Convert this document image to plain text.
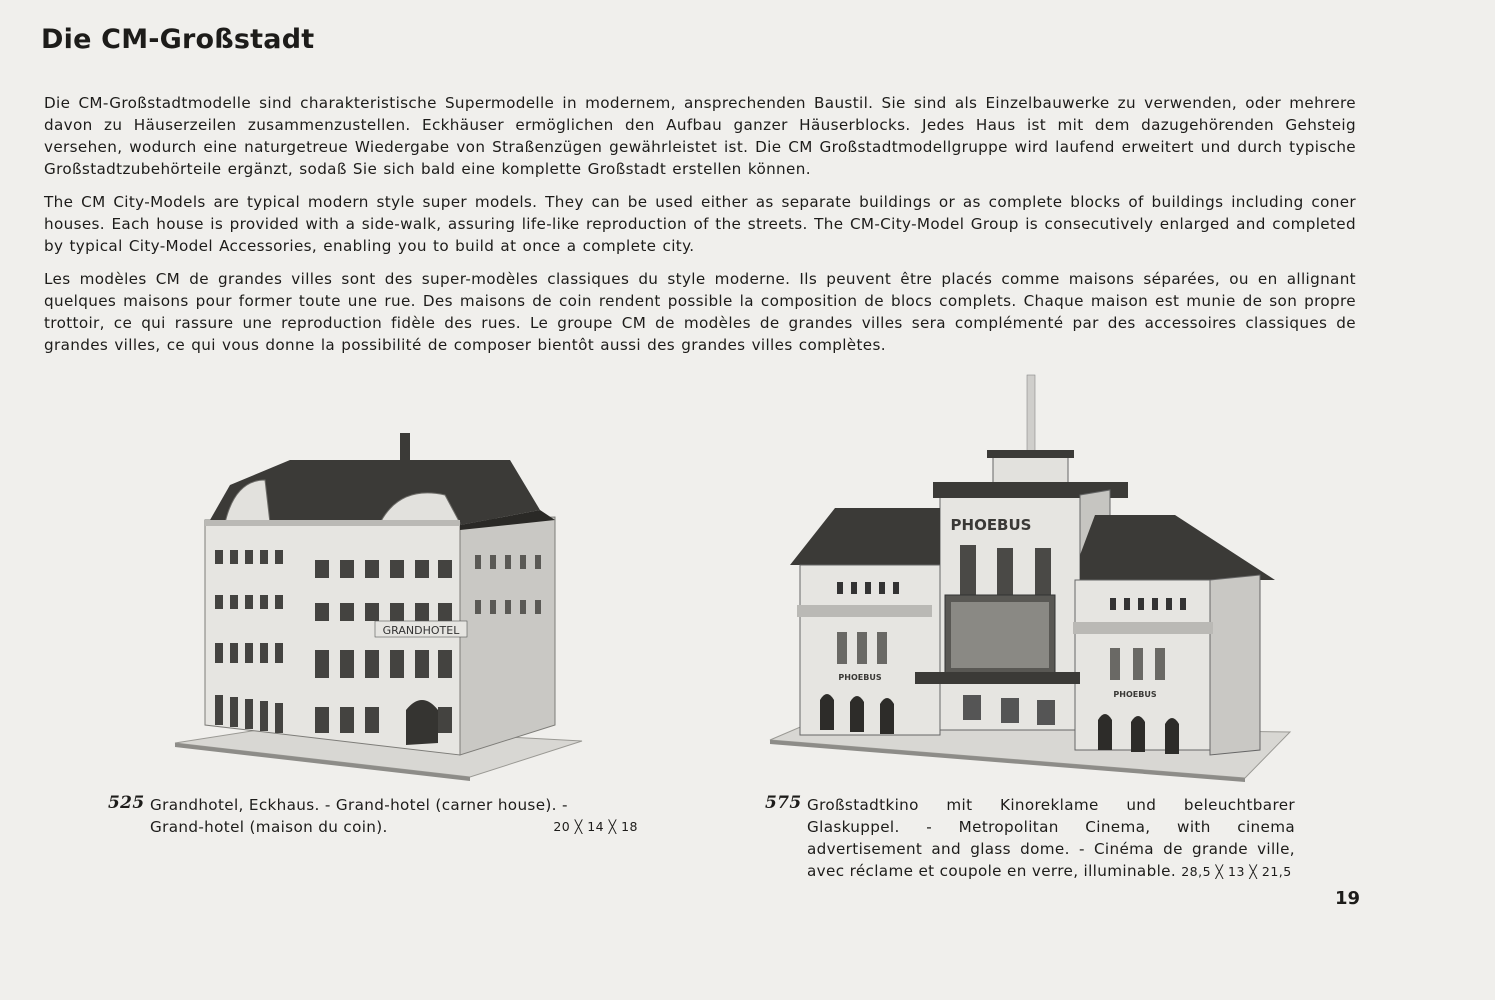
Die CM-Großstadt

Die CM-Großstadtmodelle sind charakteristische Supermodelle in modernem, ansprechenden Baustil. Sie sind als Einzelbauwerke zu verwenden, oder mehrere davon zu Häuserzeilen zusammenzustellen. Eckhäuser ermöglichen den Aufbau ganzer Häuserblocks. Jedes Haus ist mit dem dazugehörenden Gehsteig versehen, wodurch eine naturgetreue Wiedergabe von Straßenzügen gewährleistet ist. Die CM Großstadtmodellgruppe wird laufend erweitert und durch typische Großstadtzubehörteile ergänzt, sodaß Sie sich bald eine komplette Großstadt erstellen können.

The CM City-Models are typical modern style super models. They can be used either as separate buildings or as complete blocks of buildings including coner houses. Each house is provided with a side-walk, assuring life-like reproduction of the streets. The CM-City-Model Group is consecutively enlarged and completed by typical City-Model Accessories, enabling you to build at once a complete city.

Les modèles CM de grandes villes sont des super-modèles classiques du style moderne. Ils peuvent être placés comme maisons séparées, ou en allignant quelques maisons pour former toute une rue. Des maisons de coin rendent possible la composition de blocs complets. Chaque maison est munie de son propre trottoir, ce qui rassure une reproduction fidèle des rues. Le groupe CM de modèles de grandes villes sera complémenté par des accessoires classiques de grandes villes, ce qui vous donne la possibilité de composer bientôt aussi des grandes villes complètes.

GRANDHOTEL
PHOEBUS
PHOEBUS
PHOEBUS
525 Grandhotel, Eckhaus. - Grand-hotel (carner house). -
Grand-hotel (maison du coin).	20 ╳ 14 ╳ 18
575 Großstadtkino mit Kinoreklame und beleuchtbarer Glaskuppel. - Metropolitan Cinema, with cinema advertisement and glass dome. - Cinéma de grande ville, avec réclame et coupole en verre, illuminable. 28,5 ╳ 13 ╳ 21,5
19
